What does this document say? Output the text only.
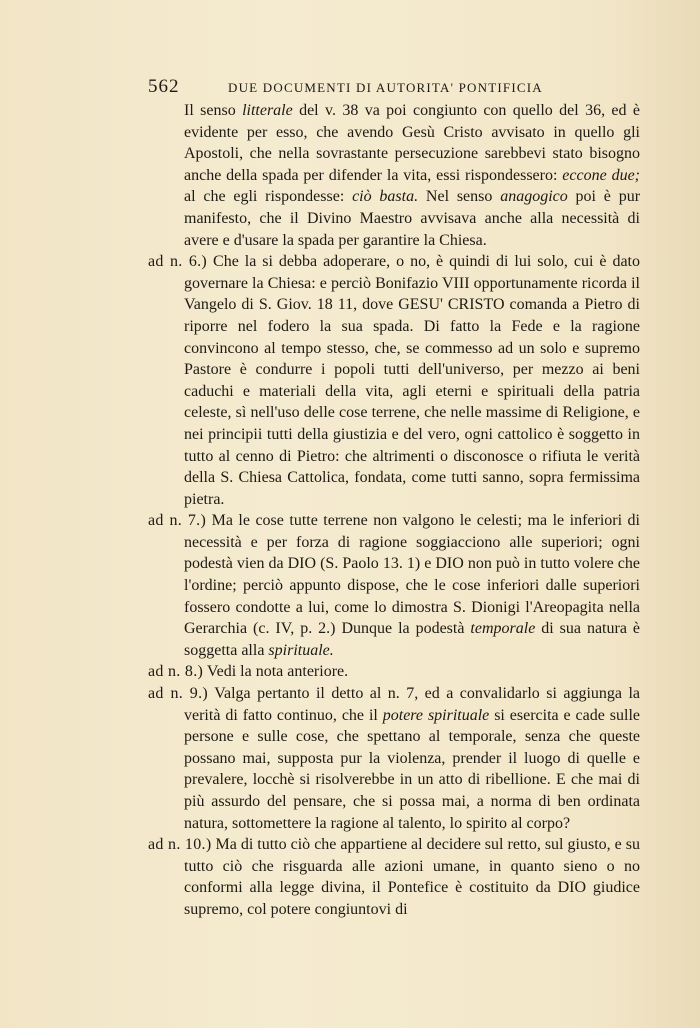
562	DUE DOCUMENTI DI AUTORITA' PONTIFICIA

Il senso litterale del v. 38 va poi congiunto con quello del 36, ed è evidente per esso, che avendo Gesù Cristo avvisato in quello gli Apostoli, che nella sovrastante persecuzione sarebbevi stato bisogno anche della spada per difender la vita, essi rispondessero: eccone due; al che egli rispondesse: ciò basta. Nel senso anagogico poi è pur manifesto, che il Divino Maestro avvisava anche alla necessità di avere e d'usare la spada per garantire la Chiesa.

ad n. 6.) Che la si debba adoperare, o no, è quindi di lui solo, cui è dato governare la Chiesa: e perciò Bonifazio VIII opportunamente ricorda il Vangelo di S. Giov. 18 11, dove GESU' CRISTO comanda a Pietro di riporre nel fodero la sua spada. Di fatto la Fede e la ragione convincono al tempo stesso, che, se commesso ad un solo e supremo Pastore è condurre i popoli tutti dell'universo, per mezzo ai beni caduchi e materiali della vita, agli eterni e spirituali della patria celeste, sì nell'uso delle cose terrene, che nelle massime di Religione, e nei principii tutti della giustizia e del vero, ogni cattolico è soggetto in tutto al cenno di Pietro: che altrimenti o disconosce o rifiuta le verità della S. Chiesa Cattolica, fondata, come tutti sanno, sopra fermissima pietra.

ad n. 7.) Ma le cose tutte terrene non valgono le celesti; ma le inferiori di necessità e per forza di ragione soggiacciono alle superiori; ogni podestà vien da DIO (S. Paolo 13. 1) e DIO non può in tutto volere che l'ordine; perciò appunto dispose, che le cose inferiori dalle superiori fossero condotte a lui, come lo dimostra S. Dionigi l'Areopagita nella Gerarchia (c. IV, p. 2.) Dunque la podestà temporale di sua natura è soggetta alla spirituale.

ad n. 8.) Vedi la nota anteriore.

ad n. 9.) Valga pertanto il detto al n. 7, ed a convalidarlo si aggiunga la verità di fatto continuo, che il potere spirituale si esercita e cade sulle persone e sulle cose, che spettano al temporale, senza che queste possano mai, supposta pur la violenza, prender il luogo di quelle e prevalere, locchè si risolverebbe in un atto di ribellione. E che mai di più assurdo del pensare, che si possa mai, a norma di ben ordinata natura, sottomettere la ragione al talento, lo spirito al corpo?

ad n. 10.) Ma di tutto ciò che appartiene al decidere sul retto, sul giusto, e su tutto ciò che risguarda alle azioni umane, in quanto sieno o no conformi alla legge divina, il Pontefice è costituito da DIO giudice supremo, col potere congiuntovi di
